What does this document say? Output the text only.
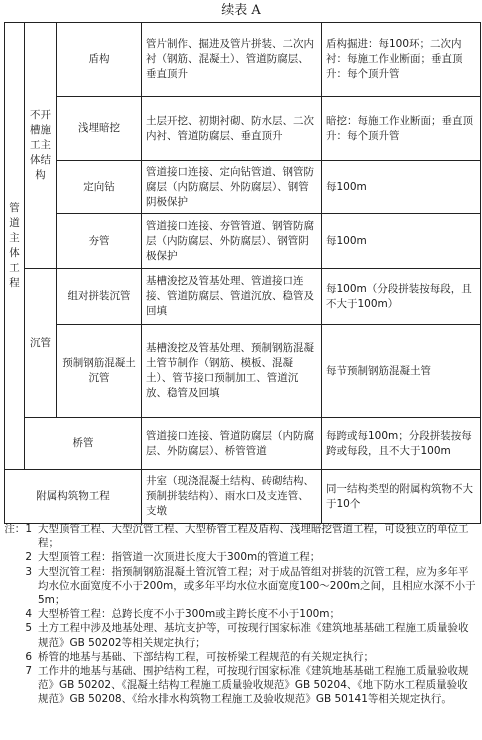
续表 A
管道主体工程	不开槽施工主体结构	盾构	管片制作、掘进及管片拼装、二次内衬（钢筋、混凝土）、管道防腐层、垂直顶升	盾构掘进：每100环；二次内衬：每施工作业断面；垂直顶升：每个顶升管
		浅埋暗挖	土层开挖、初期衬砌、防水层、二次内衬、管道防腐层、垂直顶升	暗挖：每施工作业断面；垂直顶升：每个顶升管
		定向钻	管道接口连接、定向钻管道、钢管防腐层（内防腐层、外防腐层）、钢管阴极保护	每100m
		夯管	管道接口连接、夯管管道、钢管防腐层（内防腐层、外防腐层）、钢管阴极保护	每100m
	沉管	组对拼装沉管	基槽浚挖及管基处理、管道接口连接、管道防腐层、管道沉放、稳管及回填	每100m（分段拼装按每段，且不大于100m）
		预制钢筋混凝土沉管	基槽浚挖及管基处理、预制钢筋混凝土管节制作（钢筋、模板、混凝土）、管节接口预制加工、管道沉放、稳管及回填	每节预制钢筋混凝土管
	桥管		管道接口连接、管道防腐层（内防腐层、外防腐层）、桥管管道	每跨或每100m；分段拼装按每跨或每段，且不大于100m
附属构筑物工程			井室（现浇混凝土结构、砖砌结构、预制拼装结构）、雨水口及支连管、支墩	同一结构类型的附属构筑物不大于10个
注：1 大型顶管工程、大型沉管工程、大型桥管工程及盾构、浅埋暗挖管道工程，可设独立的单位工程；
2 大型顶管工程：指管道一次顶进长度大于300m的管道工程；
3 大型沉管工程：指预制钢筋混凝土管沉管工程；对于成品管组对拼装的沉管工程，应为多年平均水位水面宽度不小于200m，或多年平均水位水面宽度100～200m之间，且相应水深不小于5m；
4 大型桥管工程：总跨长度不小于300m或主跨长度不小于100m；
5 土方工程中涉及地基处理、基坑支护等，可按现行国家标准《建筑地基基础工程施工质量验收规范》GB 50202等相关规定执行；
6 桥管的地基与基础、下部结构工程，可按桥梁工程规范的有关规定执行；
7 工作井的地基与基础、围护结构工程，可按现行国家标准《建筑地基基础工程施工质量验收规范》GB 50202、《混凝土结构工程施工质量验收规范》GB 50204、《地下防水工程质量验收规范》GB 50208、《给水排水构筑物工程施工及验收规范》GB 50141等相关规定执行。
